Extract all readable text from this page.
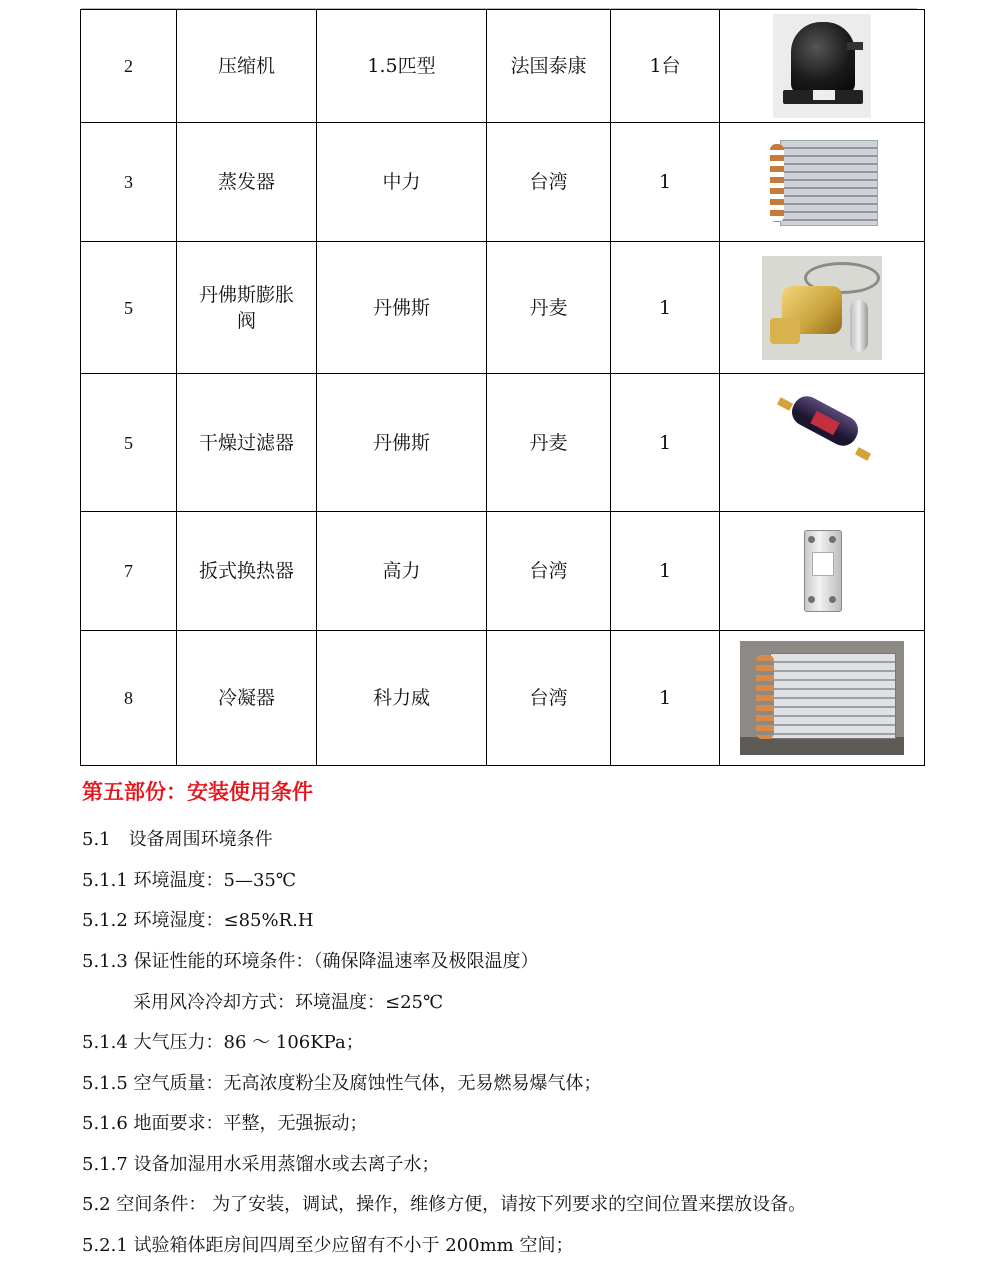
2	压缩机	1.5匹型	法国泰康	1台	

3	蒸发器	中力	台湾	1	

5	丹佛斯膨胀阀	丹佛斯	丹麦	1	

5	干燥过滤器	丹佛斯	丹麦	1	

7	扳式换热器	高力	台湾	1	

8	冷凝器	科力威	台湾	1	
第五部份：安装使用条件

5.1　设备周围环境条件

5.1.1 环境温度：5—35℃

5.1.2 环境湿度：≤85%R.H

5.1.3 保证性能的环境条件：（确保降温速率及极限温度）

采用风冷冷却方式：环境温度：≤25℃

5.1.4 大气压力：86 ～ 106KPa；

5.1.5 空气质量：无高浓度粉尘及腐蚀性气体，无易燃易爆气体；

5.1.6 地面要求：平整，无强振动；

5.1.7 设备加湿用水采用蒸馏水或去离子水；

5.2 空间条件： 为了安装，调试，操作，维修方便，请按下列要求的空间位置来摆放设备。

5.2.1 试验箱体距房间四周至少应留有不小于 200mm 空间；
